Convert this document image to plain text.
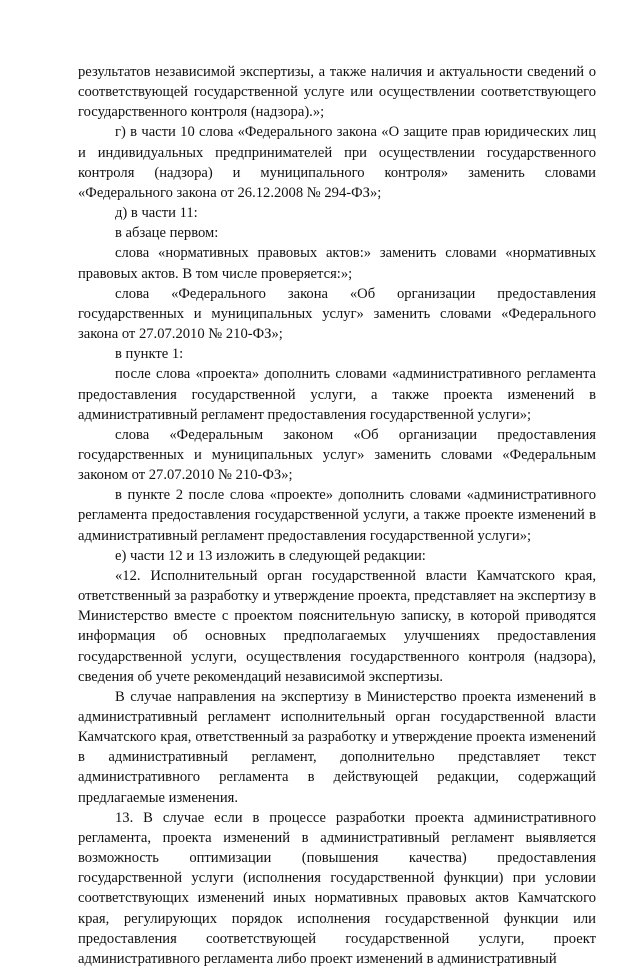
результатов независимой экспертизы, а также наличия и актуальности сведений о соответствующей государственной услуге или осуществлении соответствующего государственного контроля (надзора).»;

г) в части 10 слова «Федерального закона «О защите прав юридических лиц и индивидуальных предпринимателей при осуществлении государственного контроля (надзора) и муниципального контроля» заменить словами «Федерального закона от 26.12.2008 № 294-ФЗ»;

д) в части 11:

в абзаце первом:

слова «нормативных правовых актов:» заменить словами «нормативных правовых актов. В том числе проверяется:»;

слова «Федерального закона «Об организации предоставления государственных и муниципальных услуг» заменить словами «Федерального закона от 27.07.2010 № 210-ФЗ»;

в пункте 1:

после слова «проекта» дополнить словами «административного регламента предоставления государственной услуги, а также проекта изменений в административный регламент предоставления государственной услуги»;

слова «Федеральным законом «Об организации предоставления государственных и муниципальных услуг» заменить словами «Федеральным законом от 27.07.2010 № 210-ФЗ»;

в пункте 2 после слова «проекте» дополнить словами «административного регламента предоставления государственной услуги, а также проекте изменений в административный регламент предоставления государственной услуги»;

е) части 12 и 13 изложить в следующей редакции:

«12. Исполнительный орган государственной власти Камчатского края, ответственный за разработку и утверждение проекта, представляет на экспертизу в Министерство вместе с проектом пояснительную записку, в которой приводятся информация об основных предполагаемых улучшениях предоставления государственной услуги, осуществления государственного контроля (надзора), сведения об учете рекомендаций независимой экспертизы.

В случае направления на экспертизу в Министерство проекта изменений в административный регламент исполнительный орган государственной власти Камчатского края, ответственный за разработку и утверждение проекта изменений в административный регламент, дополнительно представляет текст административного регламента в действующей редакции, содержащий предлагаемые изменения.

13. В случае если в процессе разработки проекта административного регламента, проекта изменений в административный регламент выявляется возможность оптимизации (повышения качества) предоставления государственной услуги (исполнения государственной функции) при условии соответствующих изменений иных нормативных правовых актов Камчатского края, регулирующих порядок исполнения государственной функции или предоставления соответствующей государственной услуги, проект административного регламента либо проект изменений в административный
